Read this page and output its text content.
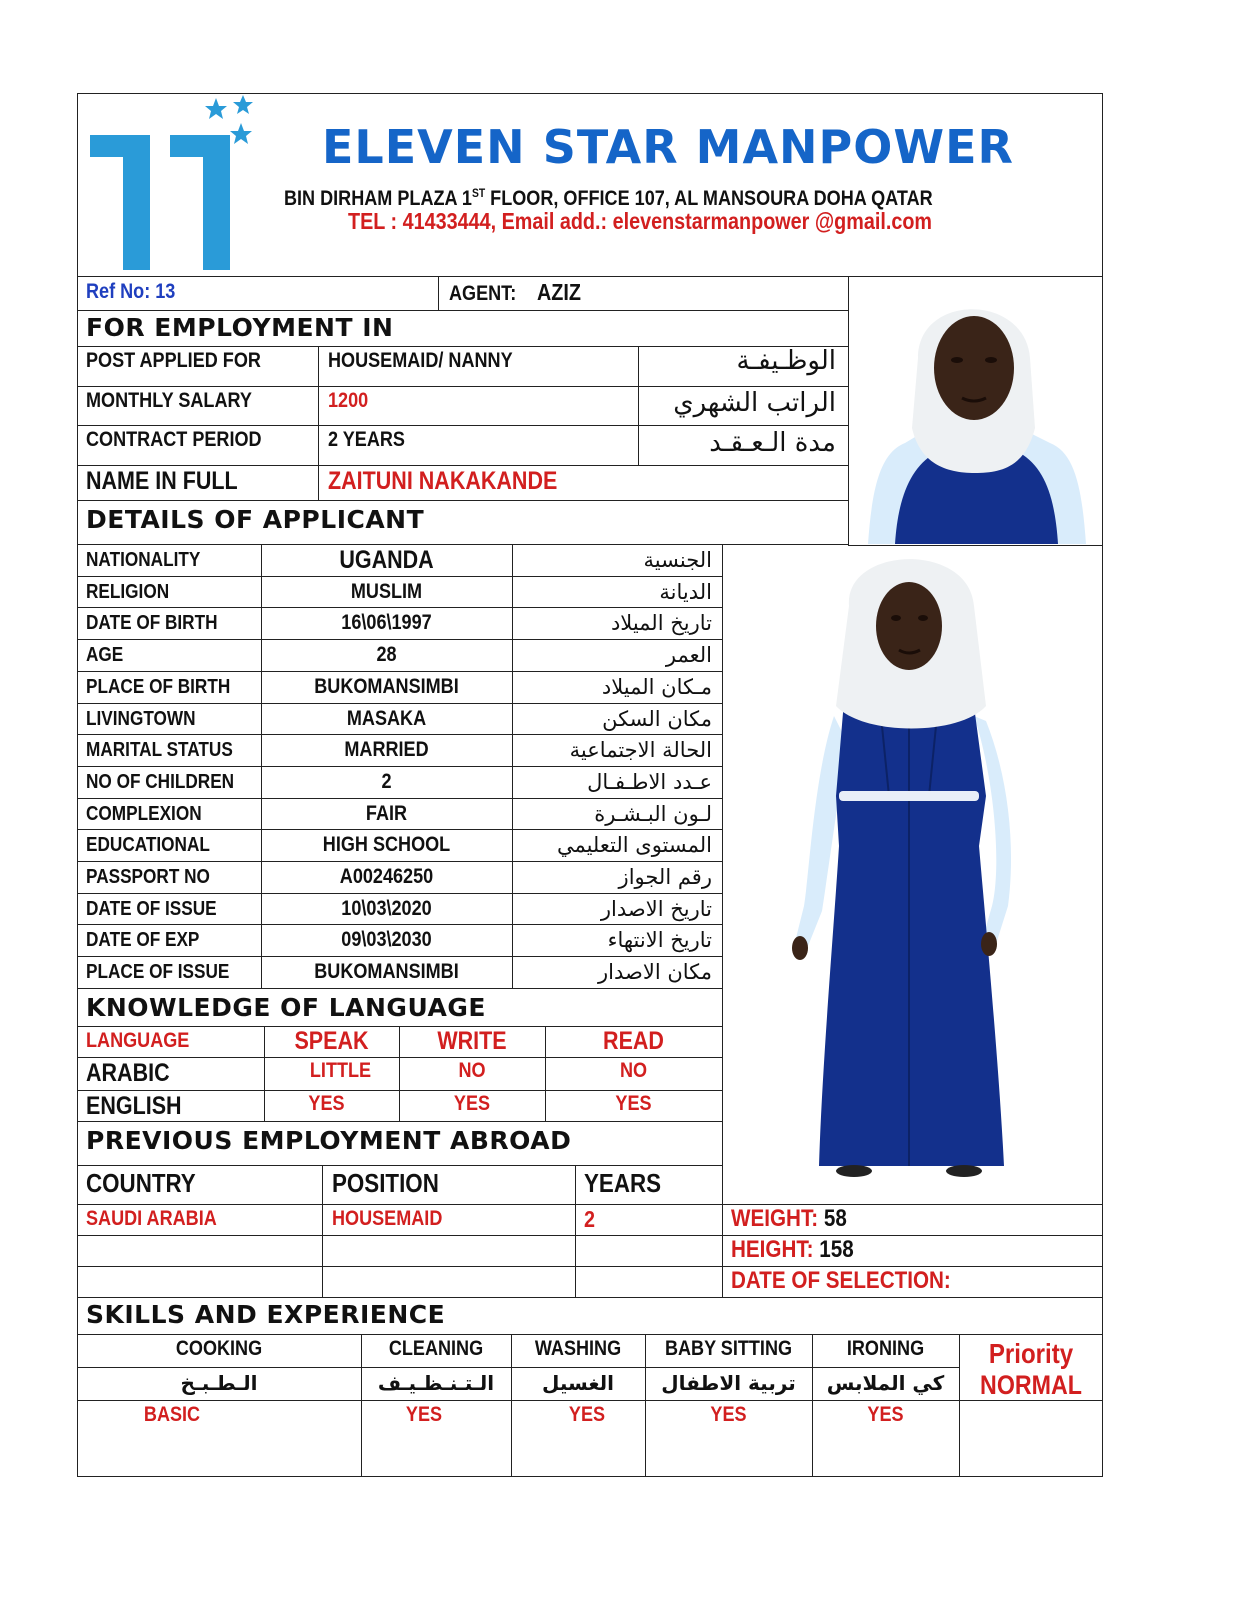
ELEVEN STAR MANPOWER
BIN DIRHAM PLAZA 1ST FLOOR, OFFICE 107, AL MANSOURA DOHA QATAR
TEL : 41433444, Email add.: elevenstarmanpower @gmail.com
Ref No: 13	AGENT: AZIZ
FOR EMPLOYMENT IN
POST APPLIED FOR	HOUSEMAID/ NANNY	الوظـيفـة
MONTHLY SALARY	1200	الراتب الشهري
CONTRACT PERIOD	2 YEARS	مدة الـعـقـد
NAME IN FULL	ZAITUNI NAKAKANDE
DETAILS OF APPLICANT
NATIONALITY	UGANDA	الجنسية
RELIGION	MUSLIM	الديانة
DATE OF BIRTH	16\06\1997	تاريخ الميلاد
AGE	28	العمر
PLACE OF BIRTH	BUKOMANSIMBI	مـكان الميلاد
LIVINGTOWN	MASAKA	مكان السكن
MARITAL STATUS	MARRIED	الحالة الاجتماعية
NO OF CHILDREN	2	عـدد الاطـفـال
COMPLEXION	FAIR	لـون البـشـرة
EDUCATIONAL	HIGH SCHOOL	المستوى التعليمي
PASSPORT NO	A00246250	رقم الجواز
DATE OF ISSUE	10\03\2020	تاريخ الاصدار
DATE OF EXP	09\03\2030	تاريخ الانتهاء
PLACE OF ISSUE	BUKOMANSIMBI	مكان الاصدار
KNOWLEDGE OF LANGUAGE
LANGUAGE	SPEAK	WRITE	READ
ARABIC	LITTLE	NO	NO
ENGLISH	YES	YES	YES
PREVIOUS EMPLOYMENT ABROAD
COUNTRY	POSITION	YEARS
SAUDI ARABIA	HOUSEMAID	2	WEIGHT: 58
HEIGHT: 158
DATE OF SELECTION:
SKILLS AND EXPERIENCE
COOKING	CLEANING	WASHING	BABY SITTING	IRONING
الـطـبـخ	الـتـنـظـيـف	الغسيل	تربية الاطفال	كي الملابس
BASIC	YES	YES	YES	YES
Priority
NORMAL
